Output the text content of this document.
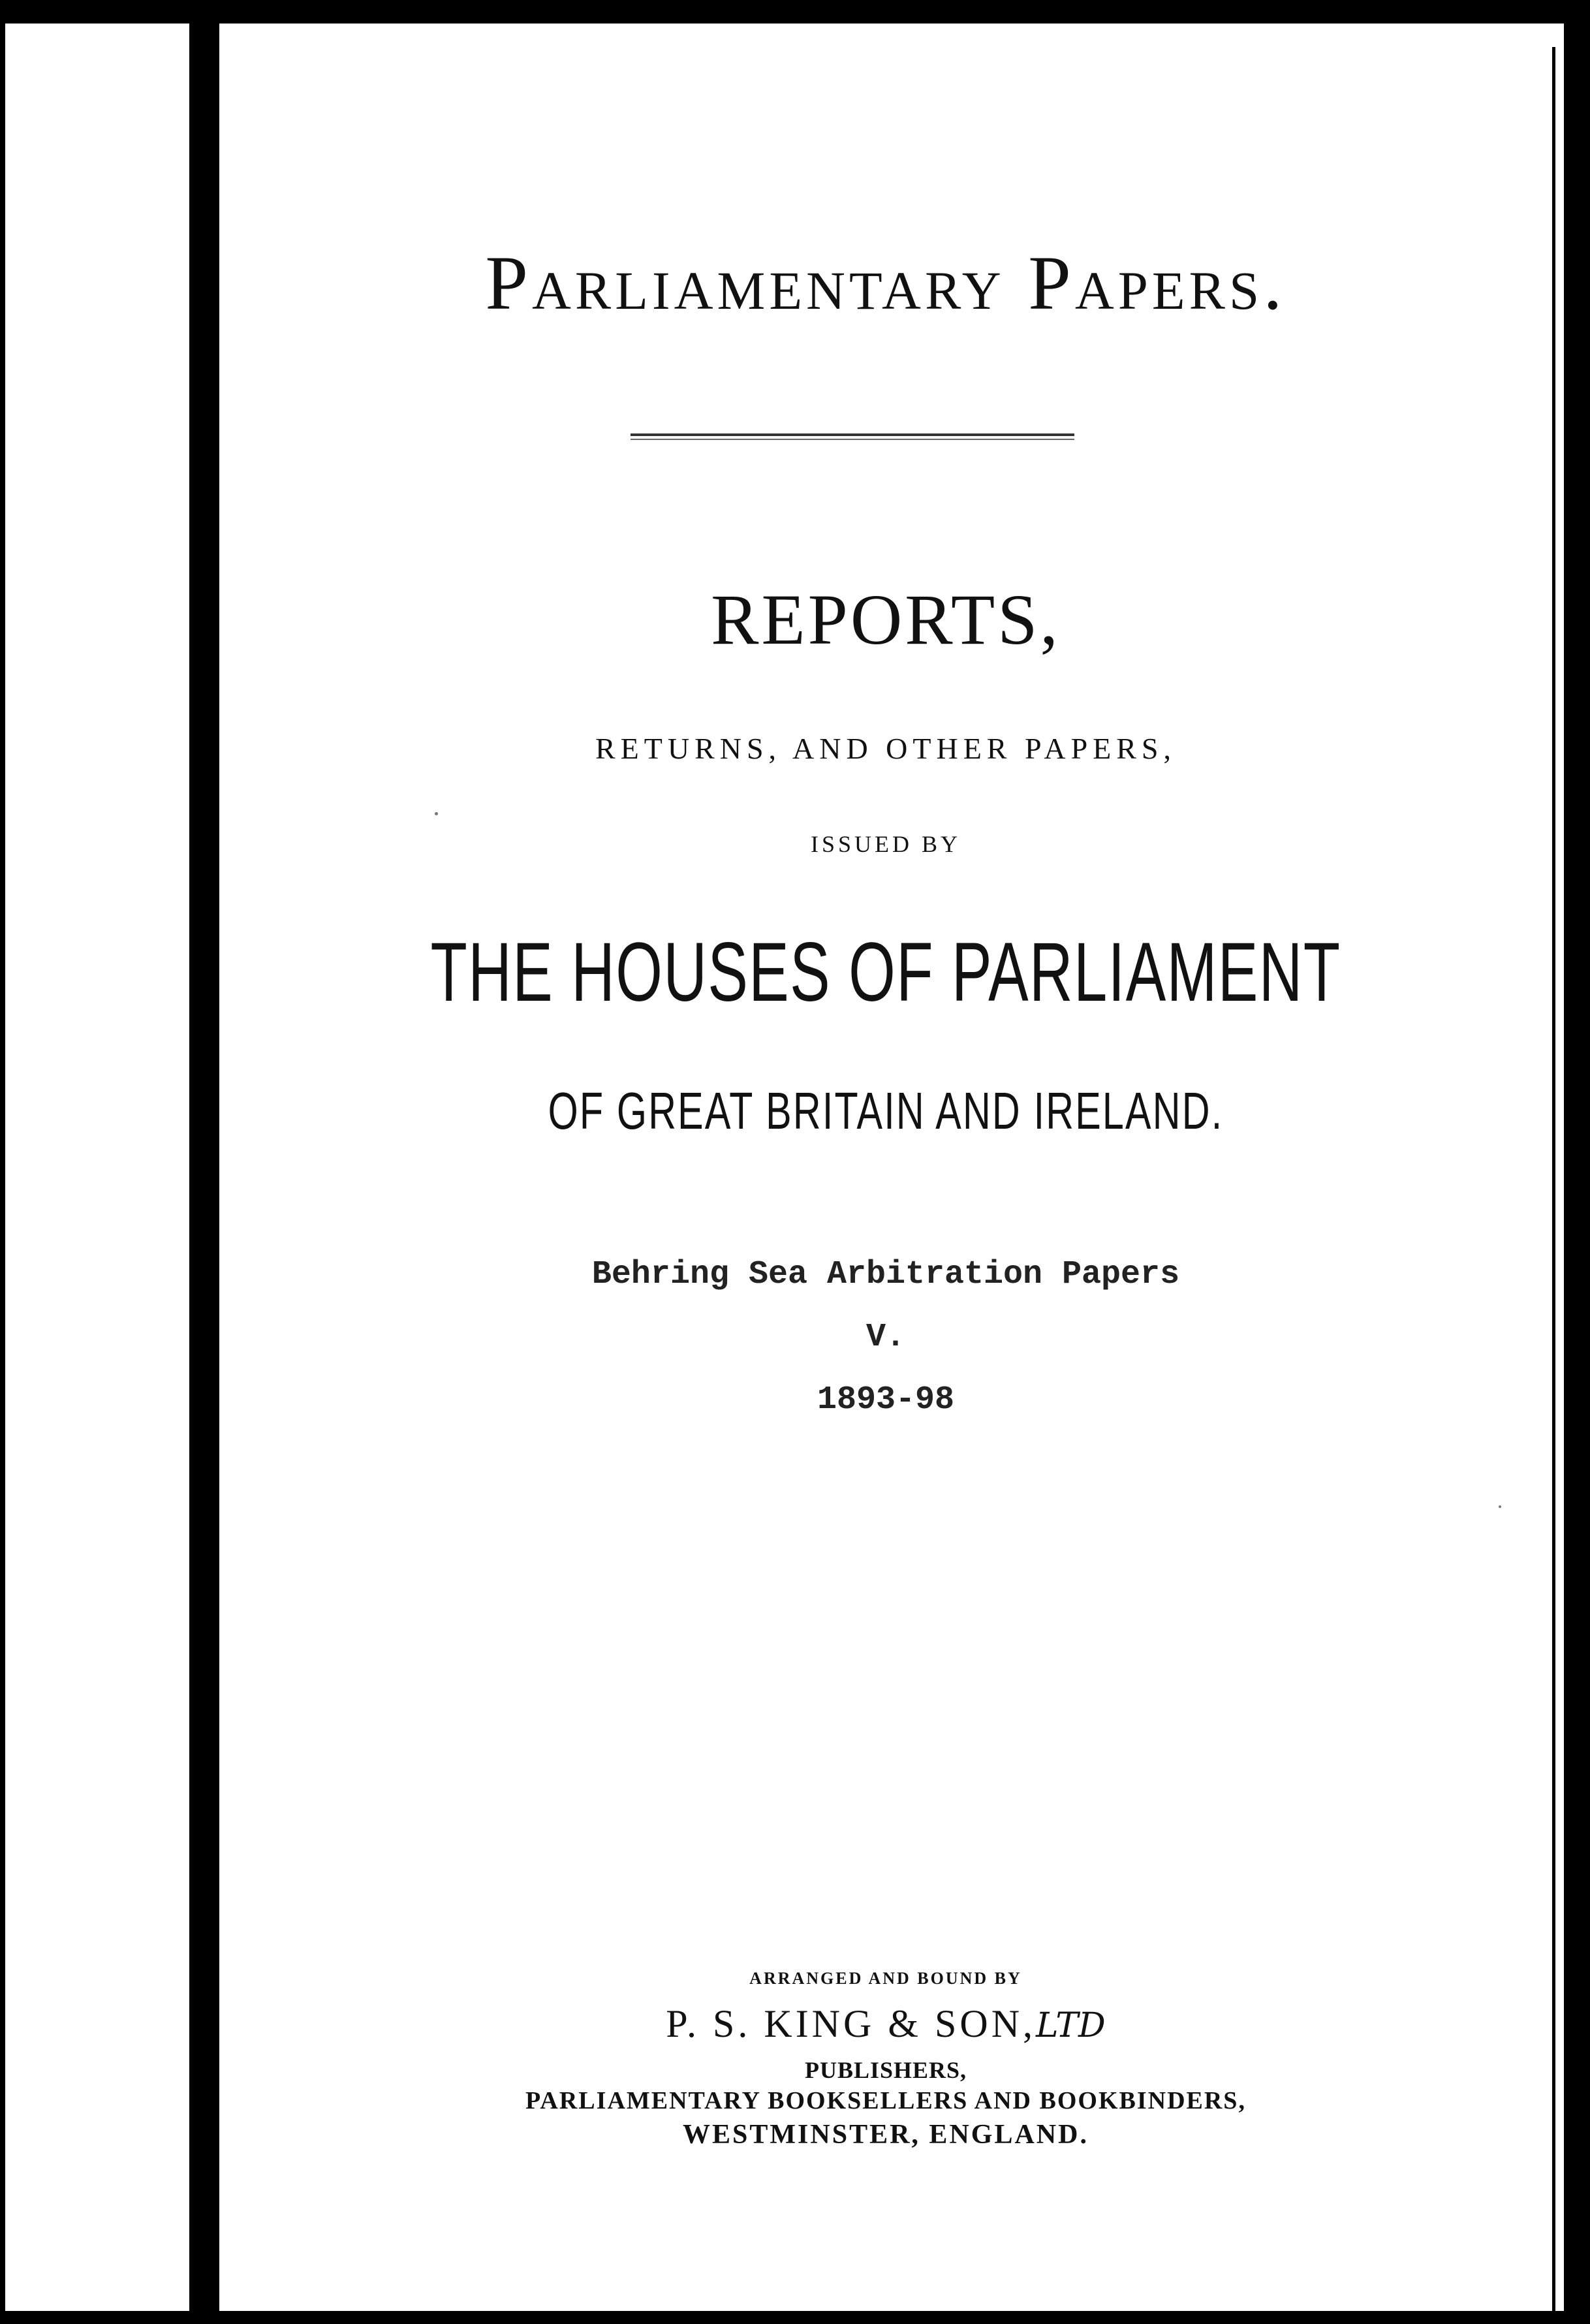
Parliamentary Papers.
REPORTS,
RETURNS, AND OTHER PAPERS,
ISSUED BY
THE HOUSES OF PARLIAMENT
OF GREAT BRITAIN AND IRELAND.
Behring Sea Arbitration Papers
V.
1893-98
ARRANGED AND BOUND BY
P. S. KING & SON,LTD
PUBLISHERS,
PARLIAMENTARY BOOKSELLERS AND BOOKBINDERS,
WESTMINSTER, ENGLAND.
